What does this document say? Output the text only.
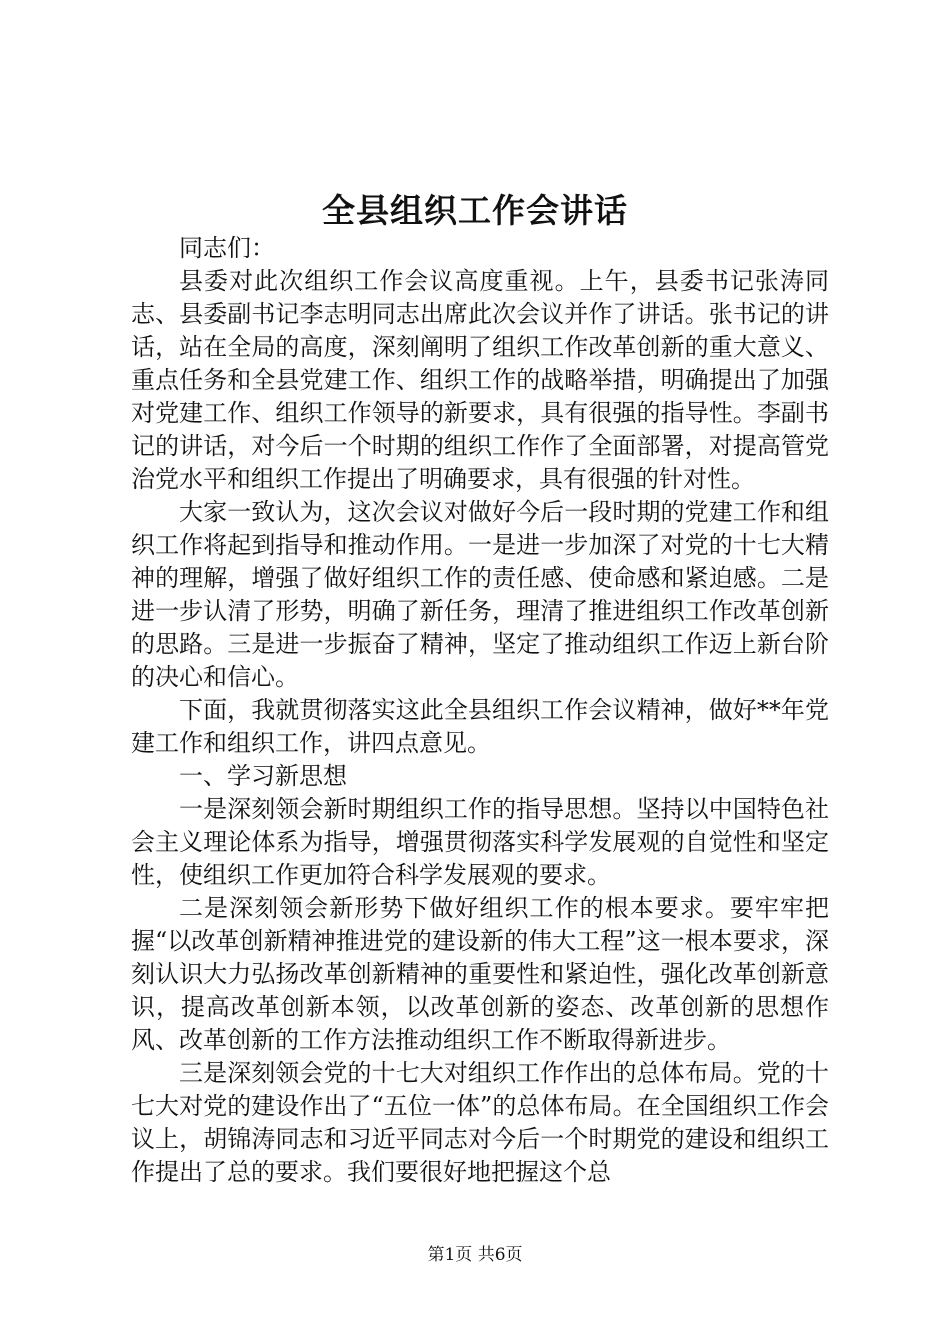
全县组织工作会讲话

同志们：

县委对此次组织工作会议高度重视。上午，县委书记张涛同志、县委副书记李志明同志出席此次会议并作了讲话。张书记的讲话，站在全局的高度，深刻阐明了组织工作改革创新的重大意义、重点任务和全县党建工作、组织工作的战略举措，明确提出了加强对党建工作、组织工作领导的新要求，具有很强的指导性。李副书记的讲话，对今后一个时期的组织工作作了全面部署，对提高管党治党水平和组织工作提出了明确要求，具有很强的针对性。

大家一致认为，这次会议对做好今后一段时期的党建工作和组织工作将起到指导和推动作用。一是进一步加深了对党的十七大精神的理解，增强了做好组织工作的责任感、使命感和紧迫感。二是进一步认清了形势，明确了新任务，理清了推进组织工作改革创新的思路。三是进一步振奋了精神，坚定了推动组织工作迈上新台阶的决心和信心。

下面，我就贯彻落实这此全县组织工作会议精神，做好**年党建工作和组织工作，讲四点意见。

一、学习新思想

一是深刻领会新时期组织工作的指导思想。坚持以中国特色社会主义理论体系为指导，增强贯彻落实科学发展观的自觉性和坚定性，使组织工作更加符合科学发展观的要求。

二是深刻领会新形势下做好组织工作的根本要求。要牢牢把握“以改革创新精神推进党的建设新的伟大工程”这一根本要求，深刻认识大力弘扬改革创新精神的重要性和紧迫性，强化改革创新意识，提高改革创新本领，以改革创新的姿态、改革创新的思想作风、改革创新的工作方法推动组织工作不断取得新进步。

三是深刻领会党的十七大对组织工作作出的总体布局。党的十七大对党的建设作出了“五位一体”的总体布局。在全国组织工作会议上，胡锦涛同志和习近平同志对今后一个时期党的建设和组织工作提出了总的要求。我们要很好地把握这个总

第1页 共6页
